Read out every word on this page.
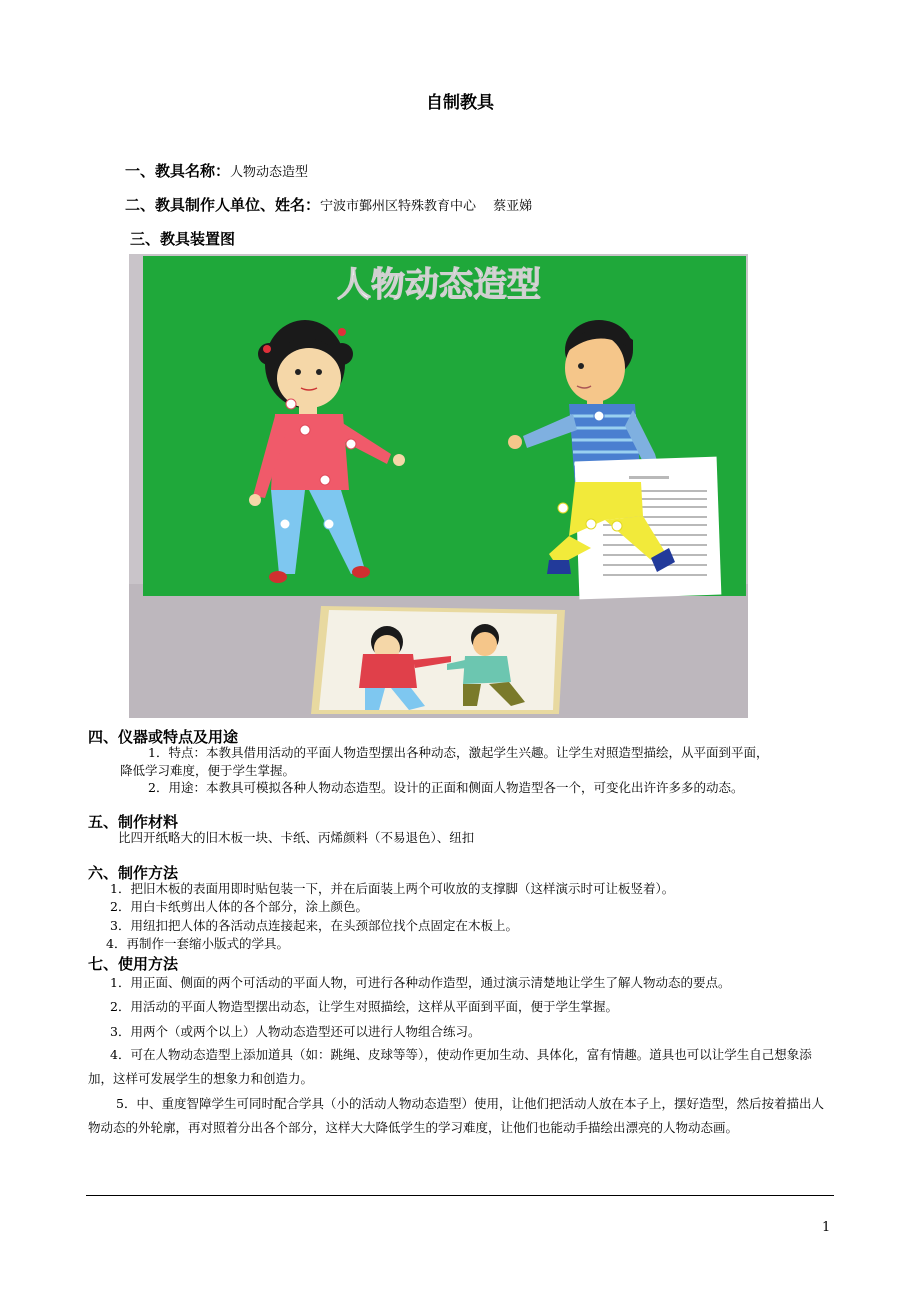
自制教具
一、教具名称：人物动态造型
二、教具制作人单位、姓名：宁波市鄞州区特殊教育中心　 蔡亚娣
三、教具装置图
人物动态造型
四、仪器或特点及用途
1．特点：本教具借用活动的平面人物造型摆出各种动态，激起学生兴趣。让学生对照造型描绘，从平面到平面，
降低学习难度，便于学生掌握。
2．用途：本教具可模拟各种人物动态造型。设计的正面和侧面人物造型各一个，可变化出许许多多的动态。
五、制作材料
比四开纸略大的旧木板一块、卡纸、丙烯颜料（不易退色）、纽扣
六、制作方法
1．把旧木板的表面用即时贴包装一下，并在后面装上两个可收放的支撑脚（这样演示时可让板竖着）。
2．用白卡纸剪出人体的各个部分，涂上颜色。
3．用纽扣把人体的各活动点连接起来，在头颈部位找个点固定在木板上。
4．再制作一套缩小版式的学具。
七、使用方法
1．用正面、侧面的两个可活动的平面人物，可进行各种动作造型，通过演示清楚地让学生了解人物动态的要点。
2．用活动的平面人物造型摆出动态，让学生对照描绘，这样从平面到平面，便于学生掌握。
3．用两个（或两个以上）人物动态造型还可以进行人物组合练习。
4．可在人物动态造型上添加道具（如：跳绳、皮球等等），使动作更加生动、具体化，富有情趣。道具也可以让学生自己想象添加，这样可发展学生的想象力和创造力。
5．中、重度智障学生可同时配合学具（小的活动人物动态造型）使用，让他们把活动人放在本子上，摆好造型，然后按着描出人物动态的外轮廓，再对照着分出各个部分，这样大大降低学生的学习难度，让他们也能动手描绘出漂亮的人物动态画。
1
